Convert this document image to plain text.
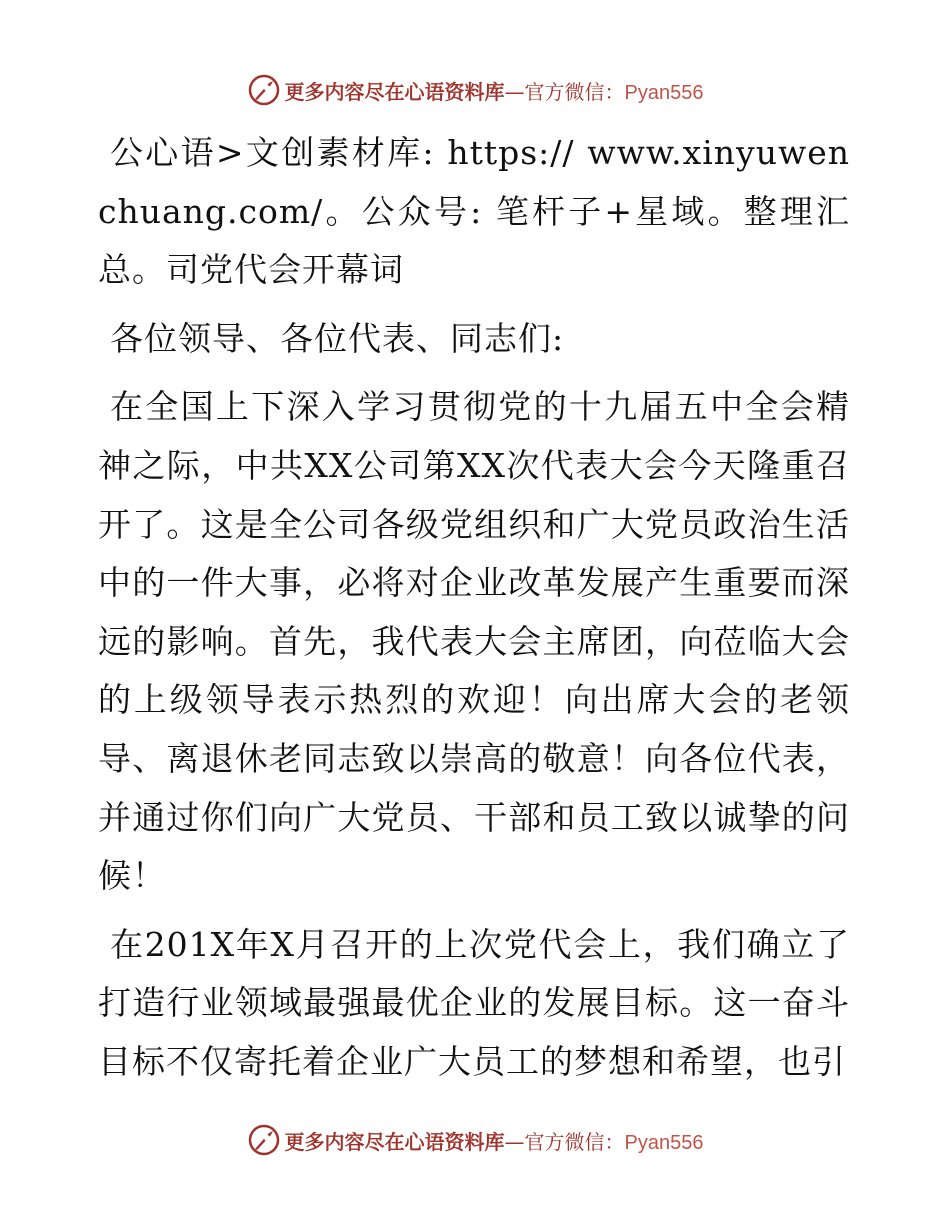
更多内容尽在心语资料库—官方微信：Pyan556

公心语>文创素材库: https:// www.xinyuwenchuang.com/。公众号: 笔杆子+星域。整理汇总。司党代会开幕词

各位领导、各位代表、同志们:

在全国上下深入学习贯彻党的十九届五中全会精神之际，中共XX公司第XX次代表大会今天隆重召开了。这是全公司各级党组织和广大党员政治生活中的一件大事，必将对企业改革发展产生重要而深远的影响。首先，我代表大会主席团，向莅临大会的上级领导表示热烈的欢迎！向出席大会的老领导、离退休老同志致以崇高的敬意！向各位代表，并通过你们向广大党员、干部和员工致以诚挚的问候！

在201X年X月召开的上次党代会上，我们确立了打造行业领域最强最优企业的发展目标。这一奋斗目标不仅寄托着企业广大员工的梦想和希望，也引

更多内容尽在心语资料库—官方微信：Pyan556
